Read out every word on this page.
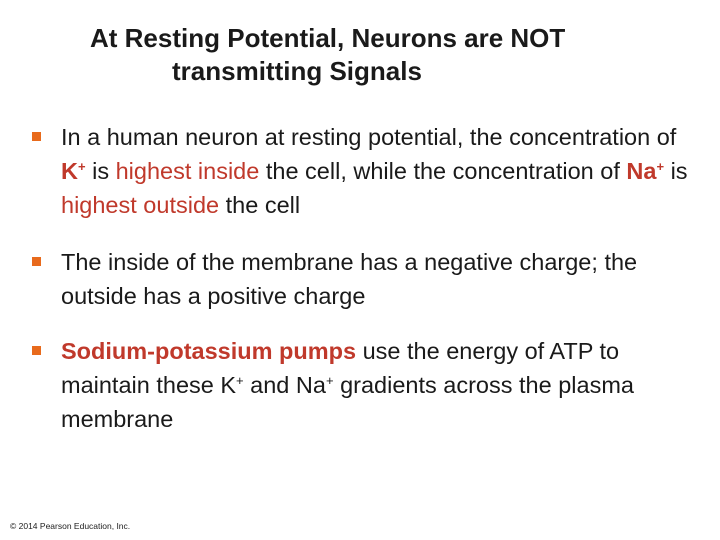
At Resting Potential, Neurons are NOT
transmitting Signals
In a human neuron at resting potential, the concentration of K+ is highest inside the cell, while the concentration of Na+ is highest outside the cell
The inside of the membrane has a negative charge; the outside has a positive charge
Sodium-potassium pumps use the energy of ATP to maintain these K+ and Na+ gradients across the plasma membrane
© 2014 Pearson Education, Inc.
